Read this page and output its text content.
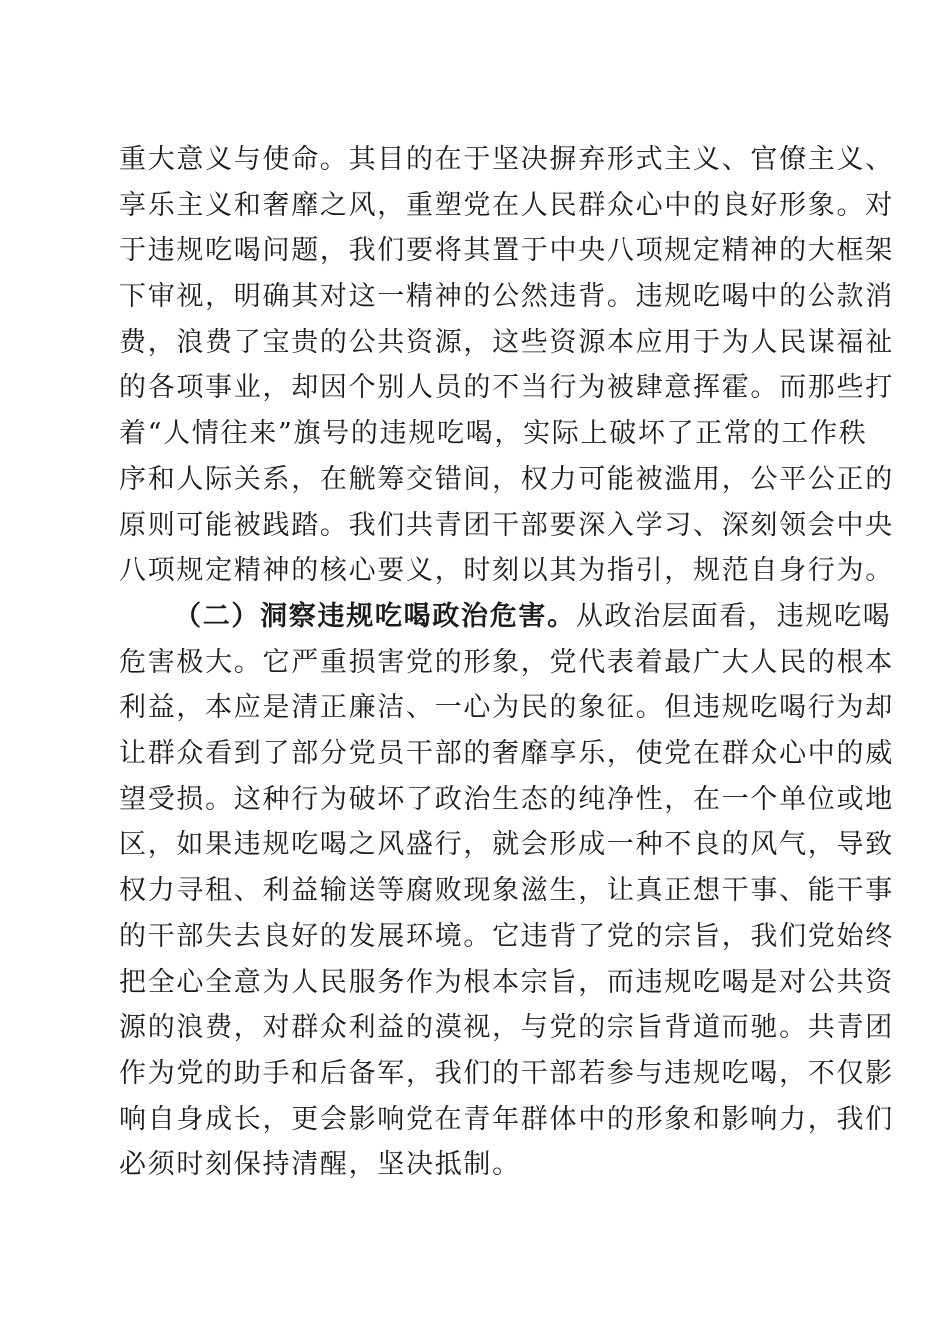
重大意义与使命。其目的在于坚决摒弃形式主义、官僚主义、
享乐主义和奢靡之风，重塑党在人民群众心中的良好形象。对
于违规吃喝问题，我们要将其置于中央八项规定精神的大框架
下审视，明确其对这一精神的公然违背。违规吃喝中的公款消
费，浪费了宝贵的公共资源，这些资源本应用于为人民谋福祉
的各项事业，却因个别人员的不当行为被肆意挥霍。而那些打
着“人情往来”旗号的违规吃喝，实际上破坏了正常的工作秩
序和人际关系，在觥筹交错间，权力可能被滥用，公平公正的
原则可能被践踏。我们共青团干部要深入学习、深刻领会中央
八项规定精神的核心要义，时刻以其为指引，规范自身行为。
（二）洞察违规吃喝政治危害。从政治层面看，违规吃喝
危害极大。它严重损害党的形象，党代表着最广大人民的根本
利益，本应是清正廉洁、一心为民的象征。但违规吃喝行为却
让群众看到了部分党员干部的奢靡享乐，使党在群众心中的威
望受损。这种行为破坏了政治生态的纯净性，在一个单位或地
区，如果违规吃喝之风盛行，就会形成一种不良的风气，导致
权力寻租、利益输送等腐败现象滋生，让真正想干事、能干事
的干部失去良好的发展环境。它违背了党的宗旨，我们党始终
把全心全意为人民服务作为根本宗旨，而违规吃喝是对公共资
源的浪费，对群众利益的漠视，与党的宗旨背道而驰。共青团
作为党的助手和后备军，我们的干部若参与违规吃喝，不仅影
响自身成长，更会影响党在青年群体中的形象和影响力，我们
必须时刻保持清醒，坚决抵制。
